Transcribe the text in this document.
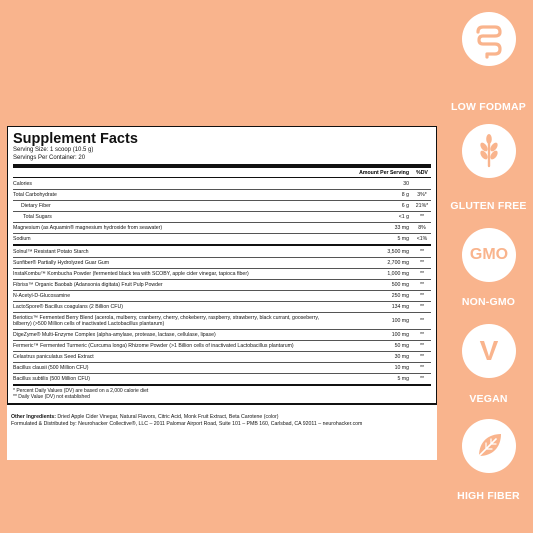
Supplement Facts
Serving Size: 1 scoop (10.5 g)
Servings Per Container: 20
Amount Per Serving	%DV
Calories	30
Total Carbohydrate	8 g	3%*
Dietary Fiber	6 g	21%*
Total Sugars	<1 g	**
Magnesium (as Aquamin® magnesium hydroxide from seawater)	33 mg	8%
Sodium	5 mg	<1%
Solnul™ Resistant Potato Starch	3,500 mg	**
Sunfiber® Partially Hydrolyzed Guar Gum	2,700 mg	**
InstaKombu™ Kombucha Powder (fermented black tea with SCOBY, apple cider vinegar, tapioca fiber)	1,000 mg	**
Fibriss™ Organic Baobab (Adansonia digitata) Fruit Pulp Powder	500 mg	**
N-Acetyl-D-Glucosamine	250 mg	**
LactoSpore® Bacillus coagulans (2 Billion CFU)	134 mg	**
Beriotics™ Fermented Berry Blend (acerola, mulberry, cranberry, cherry, chokeberry, raspberry, strawberry, black currant, gooseberry, bilberry) (>500 Million cells of inactivated Lactobacillus plantarum)	100 mg	**
DigeZyme® Multi-Enzyme Complex (alpha-amylase, protease, lactase, cellulase, lipase)	100 mg	**
Fermeric™ Fermented Turmeric (Curcuma longa) Rhizome Powder (>1 Billion cells of inactivated Lactobacillus plantarum)	50 mg	**
Celastrus paniculatus Seed Extract	30 mg	**
Bacillus clausii (500 Million CFU)	10 mg	**
Bacillus subtilis (500 Million CFU)	5 mg	**
* Percent Daily Values (DV) are based on a 2,000 calorie diet
** Daily Value (DV) not established
Other Ingredients: Dried Apple Cider Vinegar, Natural Flavors, Citric Acid, Monk Fruit Extract, Beta Carotene (color)
Formulated & Distributed by: Neurohacker Collective®, LLC – 2011 Palomar Airport Road, Suite 101 – PMB 160, Carlsbad, CA 92011 – neurohacker.com
LOW FODMAP
GLUTEN FREE
GMO
NON-GMO
V
VEGAN
HIGH FIBER
